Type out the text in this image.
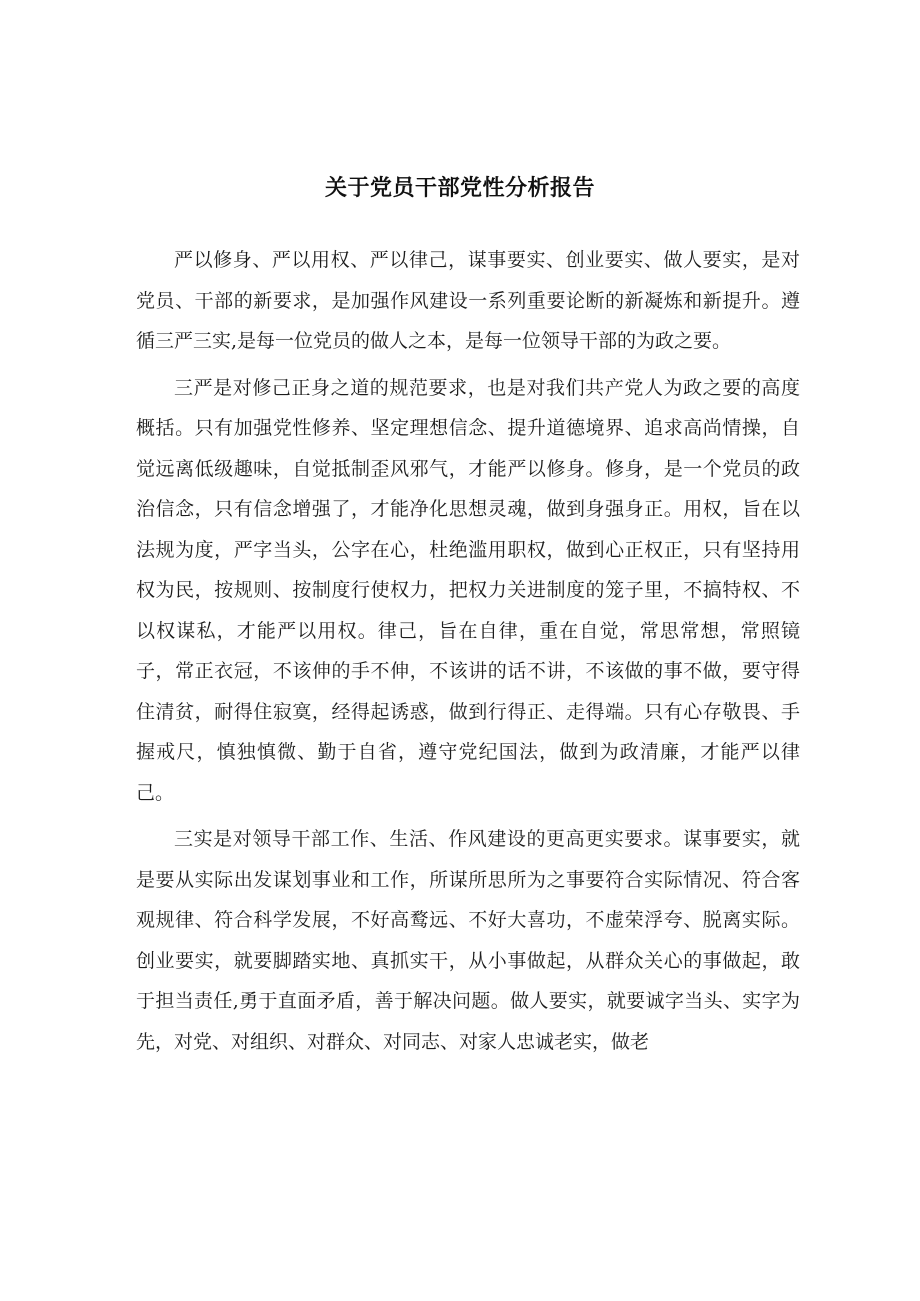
关于党员干部党性分析报告

严以修身、严以用权、严以律己，谋事要实、创业要实、做人要实，是对党员、干部的新要求，是加强作风建设一系列重要论断的新凝炼和新提升。遵循三严三实,是每一位党员的做人之本，是每一位领导干部的为政之要。

三严是对修己正身之道的规范要求，也是对我们共产党人为政之要的高度概括。只有加强党性修养、坚定理想信念、提升道德境界、追求高尚情操，自觉远离低级趣味，自觉抵制歪风邪气，才能严以修身。修身，是一个党员的政治信念，只有信念增强了，才能净化思想灵魂，做到身强身正。用权，旨在以法规为度，严字当头，公字在心，杜绝滥用职权，做到心正权正，只有坚持用权为民，按规则、按制度行使权力，把权力关进制度的笼子里，不搞特权、不以权谋私，才能严以用权。律己，旨在自律，重在自觉，常思常想，常照镜子，常正衣冠，不该伸的手不伸，不该讲的话不讲，不该做的事不做，要守得住清贫，耐得住寂寞，经得起诱惑，做到行得正、走得端。只有心存敬畏、手握戒尺，慎独慎微、勤于自省，遵守党纪国法，做到为政清廉，才能严以律己。

三实是对领导干部工作、生活、作风建设的更高更实要求。谋事要实，就是要从实际出发谋划事业和工作，所谋所思所为之事要符合实际情况、符合客观规律、符合科学发展，不好高鹜远、不好大喜功，不虚荣浮夸、脱离实际。创业要实，就要脚踏实地、真抓实干，从小事做起，从群众关心的事做起，敢于担当责任,勇于直面矛盾，善于解决问题。做人要实，就要诚字当头、实字为先，对党、对组织、对群众、对同志、对家人忠诚老实，做老
